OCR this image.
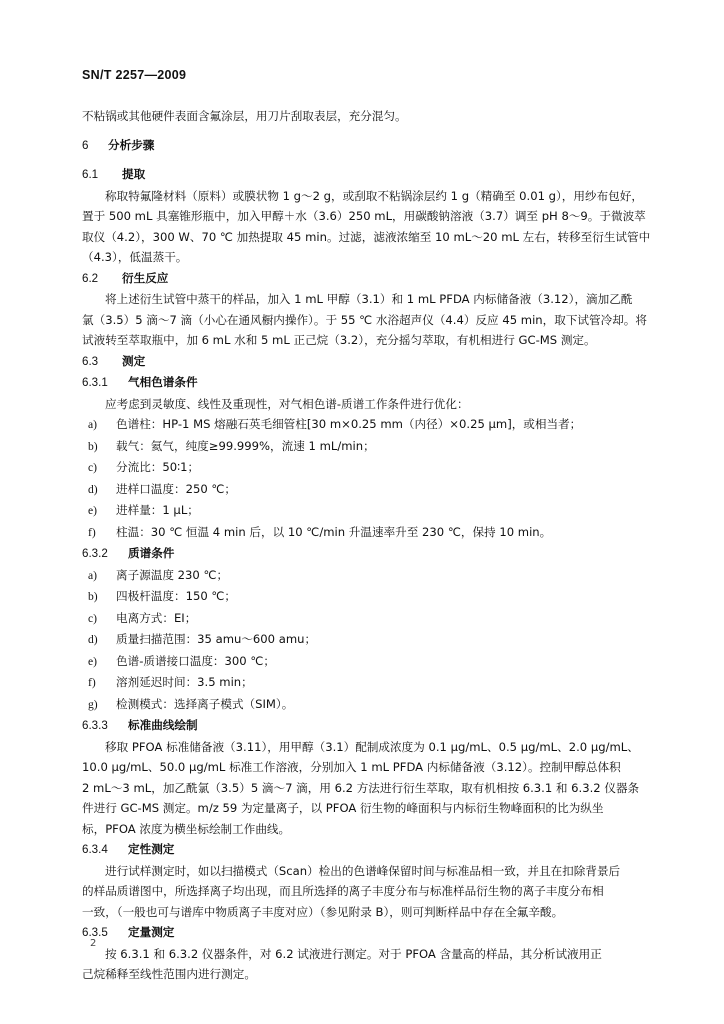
SN/T 2257—2009

不粘锅或其他硬件表面含氟涂层，用刀片刮取表层，充分混匀。

6 分析步骤

6.1 提取

称取特氟隆材料（原料）或膜状物 1 g～2 g，或刮取不粘锅涂层约 1 g（精确至 0.01 g），用纱布包好，

置于 500 mL 具塞锥形瓶中，加入甲醇＋水（3.6）250 mL，用碳酸钠溶液（3.7）调至 pH 8～9。于微波萃

取仪（4.2），300 W、70 ℃ 加热提取 45 min。过滤，滤液浓缩至 10 mL～20 mL 左右，转移至衍生试管中

（4.3），低温蒸干。

6.2 衍生反应

将上述衍生试管中蒸干的样品，加入 1 mL 甲醇（3.1）和 1 mL PFDA 内标储备液（3.12），滴加乙酰

氯（3.5）5 滴～7 滴（小心在通风橱内操作）。于 55 ℃ 水浴超声仪（4.4）反应 45 min，取下试管冷却。将

试液转至萃取瓶中，加 6 mL 水和 5 mL 正己烷（3.2），充分摇匀萃取，有机相进行 GC-MS 测定。

6.3 测定

6.3.1 气相色谱条件

应考虑到灵敏度、线性及重现性，对气相色谱-质谱工作条件进行优化：

a) 色谱柱：HP-1 MS 熔融石英毛细管柱[30 m×0.25 mm（内径）×0.25 μm]，或相当者；

b) 载气：氦气，纯度≥99.999%，流速 1 mL/min；

c) 分流比：50∶1；

d) 进样口温度：250 ℃；

e) 进样量：1 μL；

f) 柱温：30 ℃ 恒温 4 min 后，以 10 ℃/min 升温速率升至 230 ℃，保持 10 min。

6.3.2 质谱条件

a) 离子源温度 230 ℃；

b) 四极杆温度：150 ℃；

c) 电离方式：EI；

d) 质量扫描范围：35 amu～600 amu；

e) 色谱-质谱接口温度：300 ℃；

f) 溶剂延迟时间：3.5 min；

g) 检测模式：选择离子模式（SIM）。

6.3.3 标准曲线绘制

移取 PFOA 标准储备液（3.11），用甲醇（3.1）配制成浓度为 0.1 μg/mL、0.5 μg/mL、2.0 μg/mL、

10.0 μg/mL、50.0 μg/mL 标准工作溶液，分别加入 1 mL PFDA 内标储备液（3.12）。控制甲醇总体积

2 mL～3 mL，加乙酰氯（3.5）5 滴～7 滴，用 6.2 方法进行衍生萃取，取有机相按 6.3.1 和 6.3.2 仪器条

件进行 GC-MS 测定。m/z 59 为定量离子，以 PFOA 衍生物的峰面积与内标衍生物峰面积的比为纵坐

标，PFOA 浓度为横坐标绘制工作曲线。

6.3.4 定性测定

进行试样测定时，如以扫描模式（Scan）检出的色谱峰保留时间与标准品相一致，并且在扣除背景后

的样品质谱图中，所选择离子均出现，而且所选择的离子丰度分布与标准样品衍生物的离子丰度分布相

一致，（一般也可与谱库中物质离子丰度对应）（参见附录 B），则可判断样品中存在全氟辛酸。

6.3.5 定量测定

按 6.3.1 和 6.3.2 仪器条件，对 6.2 试液进行测定。对于 PFOA 含量高的样品，其分析试液用正

己烷稀释至线性范围内进行测定。

2
